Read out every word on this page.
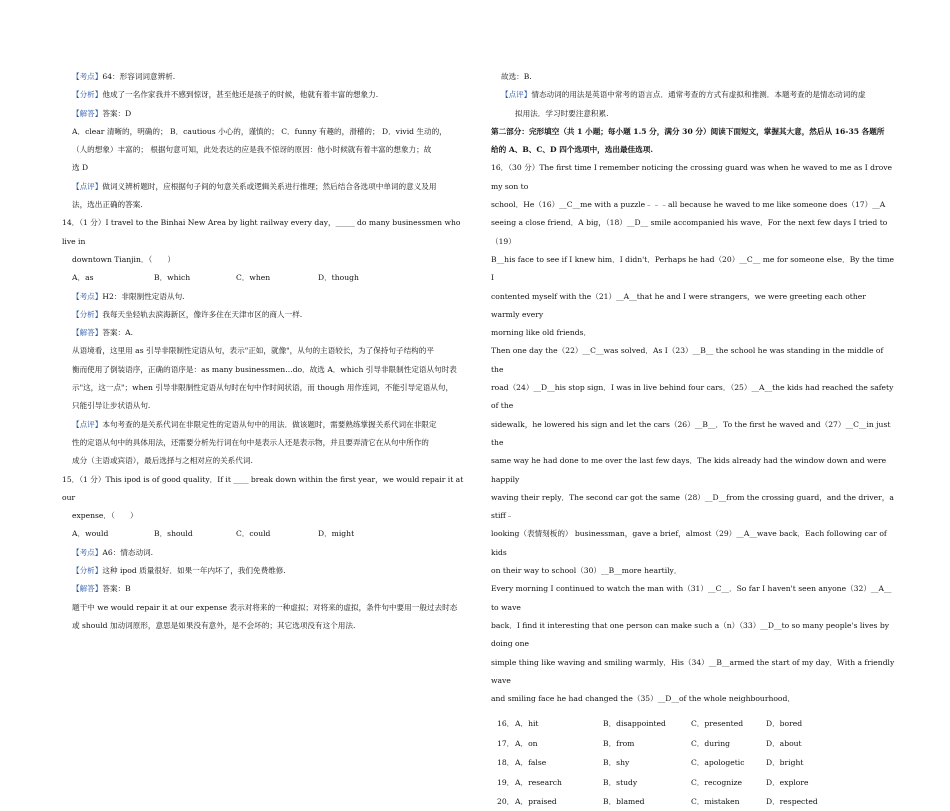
【考点】64：形容词词意辨析.

【分析】他成了一名作家我并不感到惊讶，甚至他还是孩子的时候，他就有着丰富的想象力.

【解答】答案：D

A．clear 清晰的，明确的； B．cautious 小心的，谨慎的； C．funny 有趣的，滑稽的； D．vivid 生动的，

（人的想象）丰富的； 根据句意可知，此处表达的应是我不惊讶的原因：他小时候就有着丰富的想象力；故

选 D

【点评】做词义辨析题时，应根据句子间的句意关系或逻辑关系进行推理；然后结合各选项中单词的意义及用

法，选出正确的答案.

14．（1 分）I travel to the Binhai New Area by light railway every day，_____ do many businessmen who live in

downtown Tianjin．（　　）

A．as	B．which	C．when	D．though

【考点】H2：非限制性定语从句.

【分析】我每天坐轻轨去滨海新区，像许多住在天津市区的商人一样.

【解答】答案：A.

从语境看，这里用 as 引导非限制性定语从句，表示"正如，就像"，从句的主语较长，为了保持句子结构的平

衡而使用了倒装语序，正确的语序是：as many businessmen…do．故选 A．which 引导非限制性定语从句时表

示"这，这一点"；when 引导非限制性定语从句时在句中作时间状语，而 though 用作连词，不能引导定语从句，

只能引导让步状语从句.

【点评】本句考查的是关系代词在非限定性的定语从句中的用法．做该题时，需要熟练掌握关系代词在非限定

性的定语从句中的具体用法，还需要分析先行词在句中是表示人还是表示物，并且要弄清它在从句中所作的

成分（主语或宾语），最后选择与之相对应的关系代词.

15．（1 分）This ipod is of good quality．If it ____ break down within the first year，we would repair it at our

expense．（　　）

A．would	B．should	C．could	D．might

【考点】A6：情态动词.

【分析】这种 ipod 质量很好．如果一年内坏了，我们免费维修.

【解答】答案：B

题干中 we would repair it at our expense 表示对将来的一种虚拟；对将来的虚拟，条件句中要用一般过去时态

或 should 加动词原形，意思是如果没有意外，是不会坏的；其它选项没有这个用法.

故选：B.

【点评】情态动词的用法是英语中常考的语言点．通常考查的方式有虚拟和推测．本题考查的是情态动词的虚

拟用法．学习时要注意积累.

第二部分：完形填空（共 1 小题；每小题 1.5 分，满分 30 分）阅读下面短文，掌握其大意，然后从 16-35 各题所

给的 A、B、C、D 四个选项中，选出最佳选项.

16．（30 分）The first time I remember noticing the crossing guard was when he waved to me as I drove my son to

school．He（16）__C__me with a puzzle﹣﹣﹣all because he waved to me like someone does（17）__A

seeing a close friend．A big，（18）__D__ smile accompanied his wave．For the next few days I tried to（19）

B__his face to see if I knew him．I didn't．Perhaps he had（20）__C__ me for someone else．By the time I

contented myself with the（21）__A__that he and I were strangers，we were greeting each other warmly every

morning like old friends．

Then one day the（22）__C__was solved．As I（23）__B__ the school he was standing in the middle of the

road（24）__D__his stop sign．I was in live behind four cars．（25）__A__the kids had reached the safety of the

sidewalk，he lowered his sign and let the cars（26）__B__．To the first he waved and（27）__C__in just the

same way he had done to me over the last few days．The kids already had the window down and were happily

waving their reply．The second car got the same（28）__D__from the crossing guard，and the driver，a stiff﹣

looking（表情刻板的） businessman，gave a brief，almost（29）__A__wave back．Each following car of kids

on their way to school（30）__B__more heartily．

Every morning I continued to watch the man with（31）__C__．So far I haven't seen anyone（32）__A__ to wave

back．I find it interesting that one person can make such a（n）（33）__D__to so many people's lives by doing one

simple thing like waving and smiling warmly．His（34）__B__armed the start of my day．With a friendly wave

and smiling face he had changed the（35）__D__of the whole neighbourhood．

16． A．hit	B．disappointed	C．presented	D．bored
17． A．on	B．from	C．during	D．about
18． A．false	B．shy	C．apologetic	D．bright
19． A．research	B．study	C．recognize	D．explore
20． A．praised	B．blamed	C．mistaken	D．respected
